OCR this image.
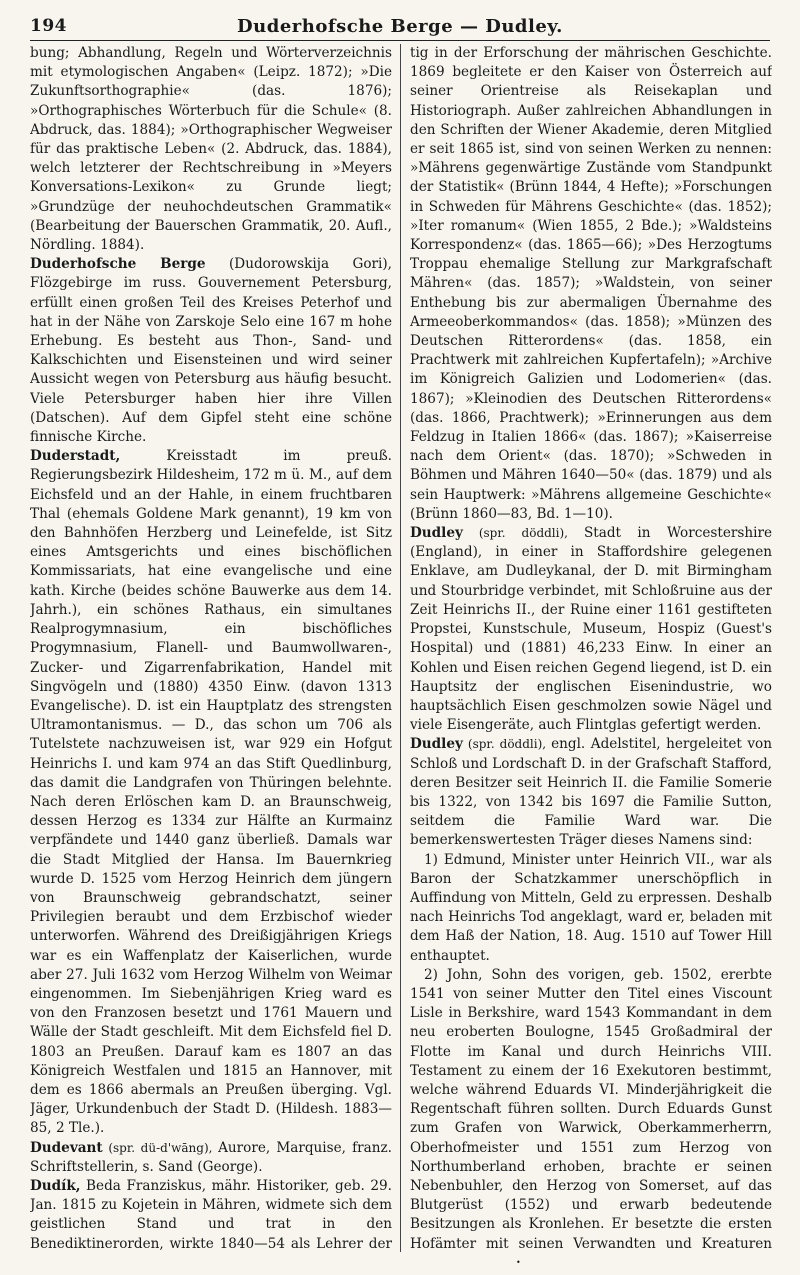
194	Duderhofsche Berge — Dudley.

bung; Abhandlung, Regeln und Wörterverzeichnis mit etymologischen Angaben« (Leipz. 1872); »Die Zukunftsorthographie« (das. 1876); »Orthographisches Wörterbuch für die Schule« (8. Abdruck, das. 1884); »Orthographischer Wegweiser für das praktische Leben« (2. Abdruck, das. 1884), welch letzterer der Rechtschreibung in »Meyers Konversations-Lexikon« zu Grunde liegt; »Grundzüge der neuhochdeutschen Grammatik« (Bearbeitung der Bauerschen Grammatik, 20. Aufl., Nördling. 1884).

Duderhofsche Berge (Dudorowskija Gori), Flözgebirge im russ. Gouvernement Petersburg, erfüllt einen großen Teil des Kreises Peterhof und hat in der Nähe von Zarskoje Selo eine 167 m hohe Erhebung. Es besteht aus Thon-, Sand- und Kalkschichten und Eisensteinen und wird seiner Aussicht wegen von Petersburg aus häufig besucht. Viele Petersburger haben hier ihre Villen (Datschen). Auf dem Gipfel steht eine schöne finnische Kirche.

Duderstadt, Kreisstadt im preuß. Regierungsbezirk Hildesheim, 172 m ü. M., auf dem Eichsfeld und an der Hahle, in einem fruchtbaren Thal (ehemals Goldene Mark genannt), 19 km von den Bahnhöfen Herzberg und Leinefelde, ist Sitz eines Amtsgerichts und eines bischöflichen Kommissariats, hat eine evangelische und eine kath. Kirche (beides schöne Bauwerke aus dem 14. Jahrh.), ein schönes Rathaus, ein simultanes Realprogymnasium, ein bischöfliches Progymnasium, Flanell- und Baumwollwaren-, Zucker- und Zigarrenfabrikation, Handel mit Singvögeln und (1880) 4350 Einw. (davon 1313 Evangelische). D. ist ein Hauptplatz des strengsten Ultramontanismus. — D., das schon um 706 als Tutelstete nachzuweisen ist, war 929 ein Hofgut Heinrichs I. und kam 974 an das Stift Quedlinburg, das damit die Landgrafen von Thüringen belehnte. Nach deren Erlöschen kam D. an Braunschweig, dessen Herzog es 1334 zur Hälfte an Kurmainz verpfändete und 1440 ganz überließ. Damals war die Stadt Mitglied der Hansa. Im Bauernkrieg wurde D. 1525 vom Herzog Heinrich dem jüngern von Braunschweig gebrandschatzt, seiner Privilegien beraubt und dem Erzbischof wieder unterworfen. Während des Dreißigjährigen Kriegs war es ein Waffenplatz der Kaiserlichen, wurde aber 27. Juli 1632 vom Herzog Wilhelm von Weimar eingenommen. Im Siebenjährigen Krieg ward es von den Franzosen besetzt und 1761 Mauern und Wälle der Stadt geschleift. Mit dem Eichsfeld fiel D. 1803 an Preußen. Darauf kam es 1807 an das Königreich Westfalen und 1815 an Hannover, mit dem es 1866 abermals an Preußen überging. Vgl. Jäger, Urkundenbuch der Stadt D. (Hildesh. 1883—85, 2 Tle.).

Dudevant (spr. dü-d'wāng), Aurore, Marquise, franz. Schriftstellerin, s. Sand (George).

Dudík, Beda Franziskus, mähr. Historiker, geb. 29. Jan. 1815 zu Kojetein in Mähren, widmete sich dem geistlichen Stand und trat in den Benediktinerorden, wirkte 1840—54 als Lehrer der

tig in der Erforschung der mährischen Geschichte. 1869 begleitete er den Kaiser von Österreich auf seiner Orientreise als Reisekaplan und Historiograph. Außer zahlreichen Abhandlungen in den Schriften der Wiener Akademie, deren Mitglied er seit 1865 ist, sind von seinen Werken zu nennen: »Mährens gegenwärtige Zustände vom Standpunkt der Statistik« (Brünn 1844, 4 Hefte); »Forschungen in Schweden für Mährens Geschichte« (das. 1852); »Iter romanum« (Wien 1855, 2 Bde.); »Waldsteins Korrespondenz« (das. 1865—66); »Des Herzogtums Troppau ehemalige Stellung zur Markgrafschaft Mähren« (das. 1857); »Waldstein, von seiner Enthebung bis zur abermaligen Übernahme des Armeeoberkommandos« (das. 1858); »Münzen des Deutschen Ritterordens« (das. 1858, ein Prachtwerk mit zahlreichen Kupfertafeln); »Archive im Königreich Galizien und Lodomerien« (das. 1867); »Kleinodien des Deutschen Ritterordens« (das. 1866, Prachtwerk); »Erinnerungen aus dem Feldzug in Italien 1866« (das. 1867); »Kaiserreise nach dem Orient« (das. 1870); »Schweden in Böhmen und Mähren 1640—50« (das. 1879) und als sein Hauptwerk: »Mährens allgemeine Geschichte« (Brünn 1860—83, Bd. 1—10).

Dudley (spr. döddli), Stadt in Worcestershire (England), in einer in Staffordshire gelegenen Enklave, am Dudleykanal, der D. mit Birmingham und Stourbridge verbindet, mit Schloßruine aus der Zeit Heinrichs II., der Ruine einer 1161 gestifteten Propstei, Kunstschule, Museum, Hospiz (Guest's Hospital) und (1881) 46,233 Einw. In einer an Kohlen und Eisen reichen Gegend liegend, ist D. ein Hauptsitz der englischen Eisenindustrie, wo hauptsächlich Eisen geschmolzen sowie Nägel und viele Eisengeräte, auch Flintglas gefertigt werden.

Dudley (spr. döddli), engl. Adelstitel, hergeleitet von Schloß und Lordschaft D. in der Grafschaft Stafford, deren Besitzer seit Heinrich II. die Familie Somerie bis 1322, von 1342 bis 1697 die Familie Sutton, seitdem die Familie Ward war. Die bemerkenswertesten Träger dieses Namens sind:

1) Edmund, Minister unter Heinrich VII., war als Baron der Schatzkammer unerschöpflich in Auffindung von Mitteln, Geld zu erpressen. Deshalb nach Heinrichs Tod angeklagt, ward er, beladen mit dem Haß der Nation, 18. Aug. 1510 auf Tower Hill enthauptet.

2) John, Sohn des vorigen, geb. 1502, ererbte 1541 von seiner Mutter den Titel eines Viscount Lisle in Berkshire, ward 1543 Kommandant in dem neu eroberten Boulogne, 1545 Großadmiral der Flotte im Kanal und durch Heinrichs VIII. Testament zu einem der 16 Exekutoren bestimmt, welche während Eduards VI. Minderjährigkeit die Regentschaft führen sollten. Durch Eduards Gunst zum Grafen von Warwick, Oberkammerherrn, Oberhofmeister und 1551 zum Herzog von Northumberland erhoben, brachte er seinen Nebenbuhler, den Herzog von Somerset, auf das Blutgerüst (1552) und erwarb bedeutende Besitzungen als Kronlehen. Er besetzte die ersten Hofämter mit seinen Verwandten und Kreaturen

•
